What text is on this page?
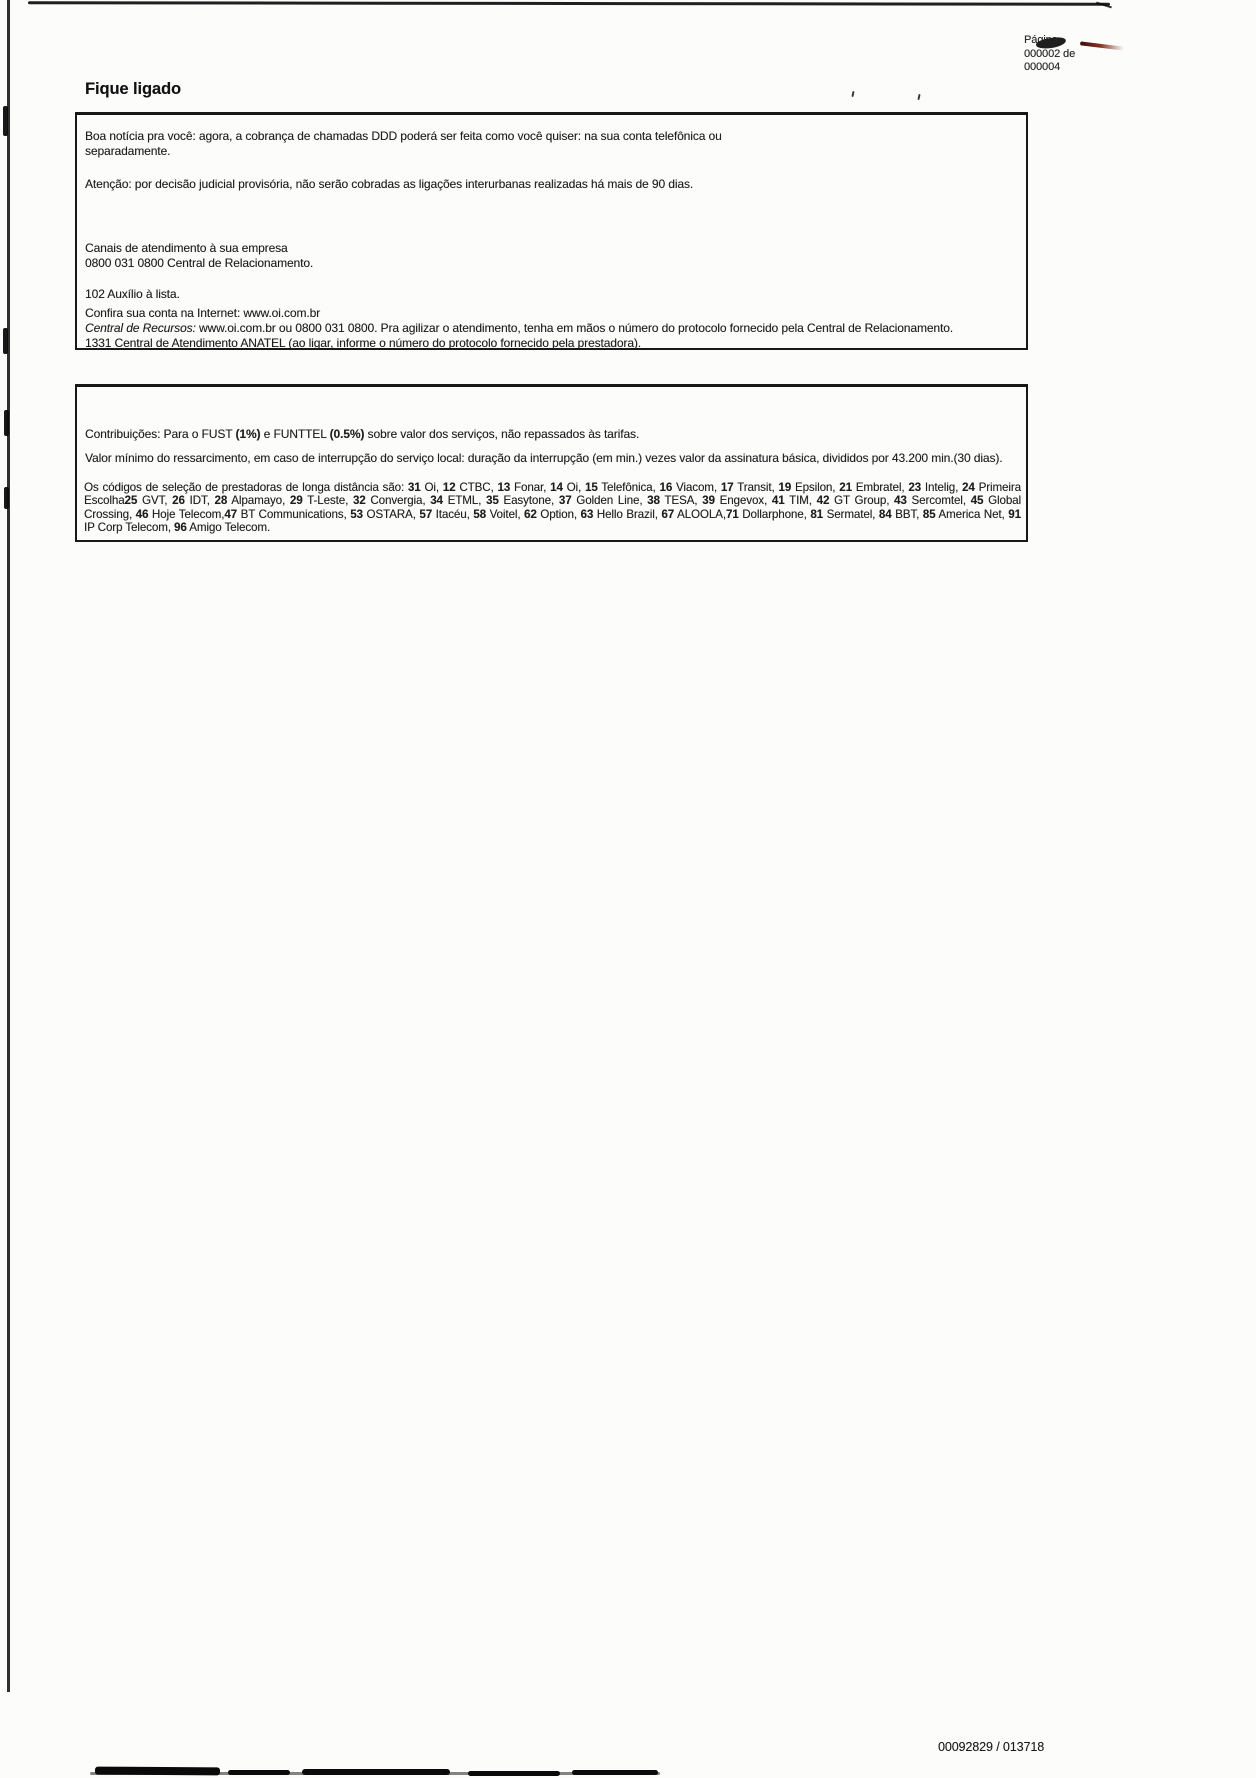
Página
000002 de
000004
Fique ligado

Boa notícia pra você: agora, a cobrança de chamadas DDD poderá ser feita como você quiser: na sua conta telefônica ou separadamente.

Atenção: por decisão judicial provisória, não serão cobradas as ligações interurbanas realizadas há mais de 90 dias.

Canais de atendimento à sua empresa
0800 031 0800 Central de Relacionamento.

102 Auxílio à lista.

Confira sua conta na Internet: www.oi.com.br

Central de Recursos: www.oi.com.br ou 0800 031 0800. Pra agilizar o atendimento, tenha em mãos o número do protocolo fornecido pela Central de Relacionamento.

1331 Central de Atendimento ANATEL (ao ligar, informe o número do protocolo fornecido pela prestadora).

Contribuições: Para o FUST (1%) e FUNTTEL (0.5%) sobre valor dos serviços, não repassados às tarifas.

Valor mínimo do ressarcimento, em caso de interrupção do serviço local: duração da interrupção (em min.) vezes valor da assinatura básica, divididos por 43.200 min.(30 dias).

Os códigos de seleção de prestadoras de longa distância são: 31 Oi, 12 CTBC, 13 Fonar, 14 Oi, 15 Telefônica, 16 Viacom, 17 Transit, 19 Epsilon, 21 Embratel, 23 Intelig, 24 Primeira Escolha25 GVT, 26 IDT, 28 Alpamayo, 29 T-Leste, 32 Convergia, 34 ETML, 35 Easytone, 37 Golden Line, 38 TESA, 39 Engevox, 41 TIM, 42 GT Group, 43 Sercomtel, 45 Global Crossing, 46 Hoje Telecom,47 BT Communications, 53 OSTARA, 57 Itacéu, 58 Voitel, 62 Option, 63 Hello Brazil, 67 ALOOLA,71 Dollarphone, 81 Sermatel, 84 BBT, 85 America Net, 91 IP Corp Telecom, 96 Amigo Telecom.

00092829 / 013718
